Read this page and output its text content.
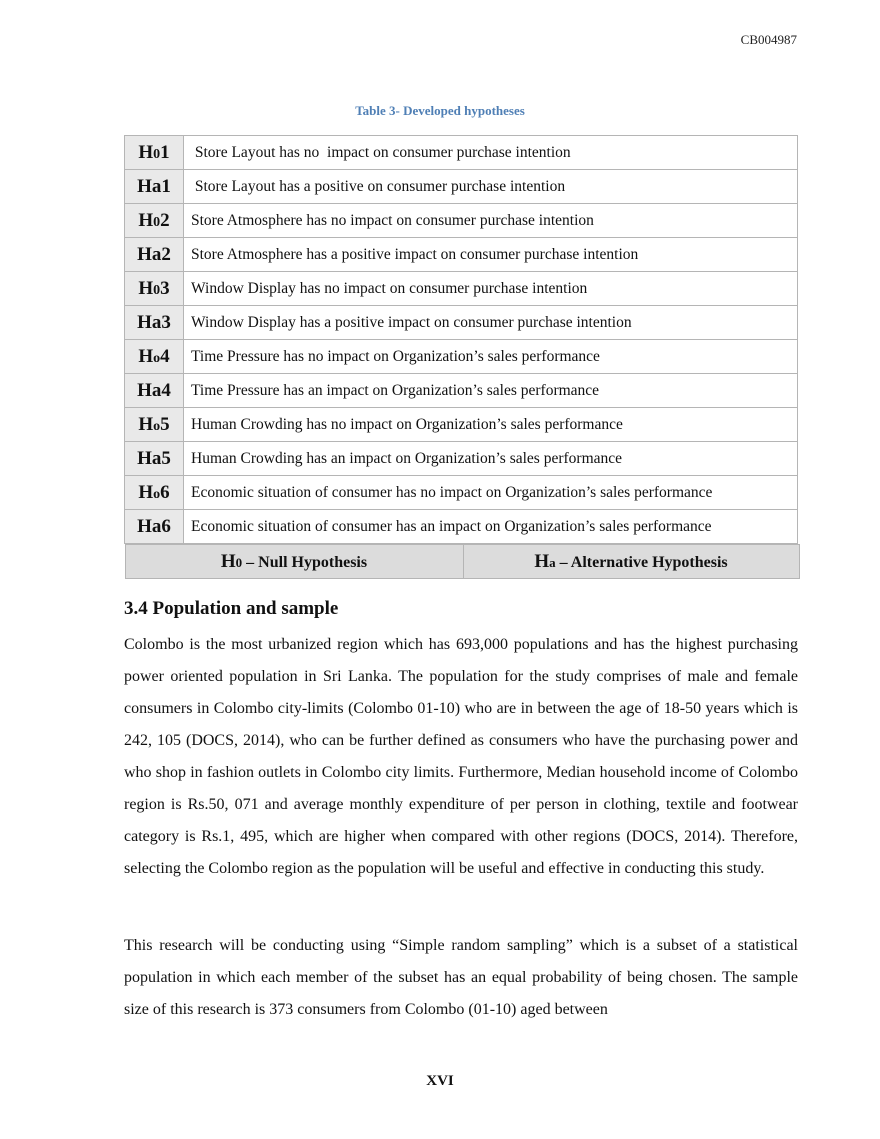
CB004987
Table 3- Developed hypotheses
H01	Store Layout has no  impact on consumer purchase intention
Ha1	Store Layout has a positive on consumer purchase intention
H02	Store Atmosphere has no impact on consumer purchase intention
Ha2	Store Atmosphere has a positive impact on consumer purchase intention
H03	Window Display has no impact on consumer purchase intention
Ha3	Window Display has a positive impact on consumer purchase intention
Ho4	Time Pressure has no impact on Organization’s sales performance
Ha4	Time Pressure has an impact on Organization’s sales performance
Ho5	Human Crowding has no impact on Organization’s sales performance
Ha5	Human Crowding has an impact on Organization’s sales performance
Ho6	Economic situation of consumer has no impact on Organization’s sales performance
Ha6	Economic situation of consumer has an impact on Organization’s sales performance

H0 – Null Hypothesis	Ha – Alternative Hypothesis
3.4 Population and sample

Colombo is the most urbanized region which has 693,000 populations and has the highest purchasing power oriented population in Sri Lanka. The population for the study comprises of male and female consumers in Colombo city-limits (Colombo 01-10) who are in between the age of 18-50 years which is 242, 105 (DOCS, 2014), who can be further defined as consumers who have the purchasing power and who shop in fashion outlets in Colombo city limits. Furthermore, Median household income of Colombo region is Rs.50, 071 and average monthly expenditure of per person in clothing, textile and footwear category is Rs.1, 495, which are higher when compared with other regions (DOCS, 2014). Therefore, selecting the Colombo region as the population will be useful and effective in conducting this study.

This research will be conducting using “Simple random sampling” which is a subset of a statistical population in which each member of the subset has an equal probability of being chosen. The sample size of this research is 373 consumers from Colombo (01-10) aged between

XVI
